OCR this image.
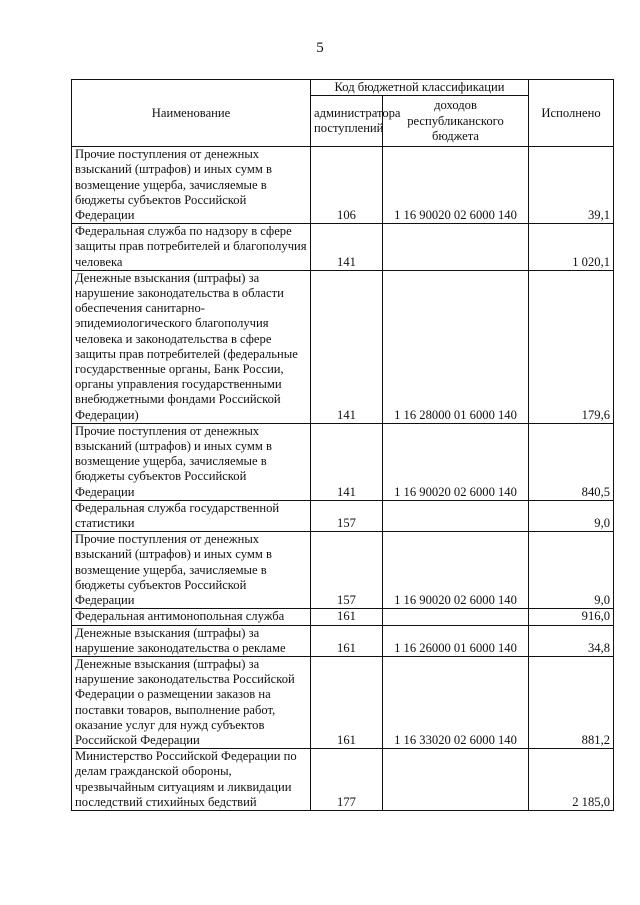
5
Наименование	Код бюджетной классификации		Исполнено
	администратора поступлений	доходов республиканского бюджета	
Прочие поступления от денежных взысканий (штрафов) и иных сумм в возмещение ущерба, зачисляемые в бюджеты субъектов Российской Федерации	106	1 16 90020 02 6000 140	39,1
Федеральная служба по надзору в сфере защиты прав потребителей и благополучия человека	141		1 020,1
Денежные взыскания (штрафы) за нарушение законодательства в области обеспечения санитарно-эпидемиологического благополучия человека и законодательства в сфере защиты прав потребителей (федеральные государственные органы, Банк России, органы управления государственными внебюджетными фондами Российской Федерации)	141	1 16 28000 01 6000 140	179,6
Прочие поступления от денежных взысканий (штрафов) и иных сумм в возмещение ущерба, зачисляемые в бюджеты субъектов Российской Федерации	141	1 16 90020 02 6000 140	840,5
Федеральная служба государственной статистики	157		9,0
Прочие поступления от денежных взысканий (штрафов) и иных сумм в возмещение ущерба, зачисляемые в бюджеты субъектов Российской Федерации	157	1 16 90020 02 6000 140	9,0
Федеральная антимонопольная служба	161		916,0
Денежные взыскания (штрафы) за нарушение законодательства о рекламе	161	1 16 26000 01 6000 140	34,8
Денежные взыскания (штрафы) за нарушение законодательства Российской Федерации о размещении заказов на поставки товаров, выполнение работ, оказание услуг для нужд субъектов Российской Федерации	161	1 16 33020 02 6000 140	881,2
Министерство Российской Федерации по делам гражданской обороны, чрезвычайным ситуациям и ликвидации последствий стихийных бедствий	177		2 185,0
